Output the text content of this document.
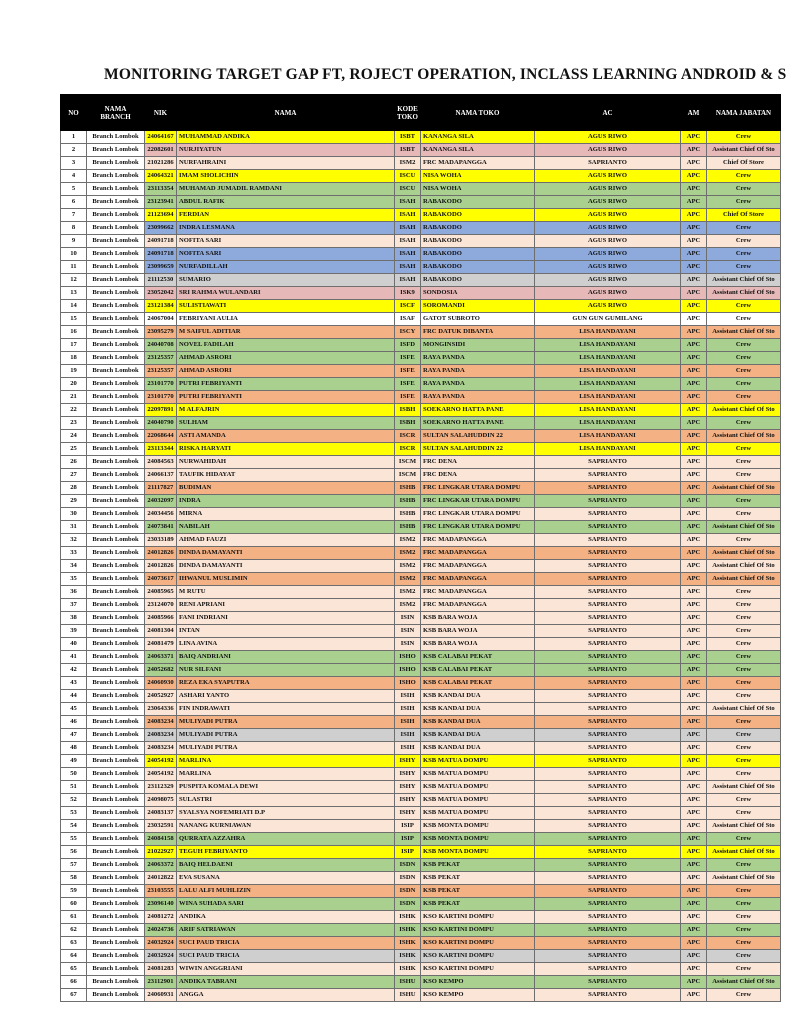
MONITORING TARGET GAP FT, ROJECT OPERATION, INCLASS LEARNING ANDROID & S
NO	NAMA BRANCH	NIK	NAMA	KODE TOKO	NAMA TOKO	AC	AM	NAMA JABATAN
1	Branch Lombok	24064167	MUHAMMAD ANDIKA	ISBT	KANANGA SILA	AGUS RIWO	APC	Crew
2	Branch Lombok	22082601	NURJIYATUN	ISBT	KANANGA SILA	AGUS RIWO	APC	Assistant Chief Of Sto
3	Branch Lombok	21021286	NURFAHRAINI	ISM2	FRC MADAPANGGA	SAPRIANTO	APC	Chief Of Store
4	Branch Lombok	24064321	IMAM SHOLICHIN	ISCU	NISA WOHA	AGUS RIWO	APC	Crew
5	Branch Lombok	23113354	MUHAMAD JUMADIL RAMDANI	ISCU	NISA WOHA	AGUS RIWO	APC	Crew
6	Branch Lombok	23123941	ABDUL RAFIK	ISAH	RABAKODO	AGUS RIWO	APC	Crew
7	Branch Lombok	21123694	FERDIAN	ISAH	RABAKODO	AGUS RIWO	APC	Chief Of Store
8	Branch Lombok	23099662	INDRA LESMANA	ISAH	RABAKODO	AGUS RIWO	APC	Crew
9	Branch Lombok	24091718	NOFITA SARI	ISAH	RABAKODO	AGUS RIWO	APC	Crew
10	Branch Lombok	24091718	NOFITA SARI	ISAH	RABAKODO	AGUS RIWO	APC	Crew
11	Branch Lombok	23099659	NURFADILLAH	ISAH	RABAKODO	AGUS RIWO	APC	Crew
12	Branch Lombok	21112530	SUMARIO	ISAH	RABAKODO	AGUS RIWO	APC	Assistant Chief Of Sto
13	Branch Lombok	23052042	SRI RAHMA WULANDARI	ISK9	SONDOSIA	AGUS RIWO	APC	Assistant Chief Of Sto
14	Branch Lombok	23121384	SULISTIAWATI	ISCF	SOROMANDI	AGUS RIWO	APC	Crew
15	Branch Lombok	24067004	FEBRIYANI AULIA	ISAF	GATOT SUBROTO	GUN GUN GUMILANG	APC	Crew
16	Branch Lombok	23095279	M SAIFUL ADITIAR	ISCY	FRC DATUK DIBANTA	LISA HANDAYANI	APC	Assistant Chief Of Sto
17	Branch Lombok	24040708	NOVEL FADILAH	ISFD	MONGINSIDI	LISA HANDAYANI	APC	Crew
18	Branch Lombok	23125357	AHMAD ASRORI	ISFE	RAYA PANDA	LISA HANDAYANI	APC	Crew
19	Branch Lombok	23125357	AHMAD ASRORI	ISFE	RAYA PANDA	LISA HANDAYANI	APC	Crew
20	Branch Lombok	23101770	PUTRI FEBRIYANTI	ISFE	RAYA PANDA	LISA HANDAYANI	APC	Crew
21	Branch Lombok	23101770	PUTRI FEBRIYANTI	ISFE	RAYA PANDA	LISA HANDAYANI	APC	Crew
22	Branch Lombok	22097891	M ALFAJRIN	ISBH	SOEKARNO HATTA PANE	LISA HANDAYANI	APC	Assistant Chief Of Sto
23	Branch Lombok	24040790	SULHAM	ISBH	SOEKARNO HATTA PANE	LISA HANDAYANI	APC	Crew
24	Branch Lombok	22068644	ASTI AMANDA	ISCR	SULTAN SALAHUDDIN 22	LISA HANDAYANI	APC	Assistant Chief Of Sto
25	Branch Lombok	23113344	RISKA HARYATI	ISCR	SULTAN SALAHUDDIN 22	LISA HANDAYANI	APC	Crew
26	Branch Lombok	24084563	NURWAHIDAH	ISCM	FRC DENA	SAPRIANTO	APC	Crew
27	Branch Lombok	24066137	TAUFIK HIDAYAT	ISCM	FRC DENA	SAPRIANTO	APC	Crew
28	Branch Lombok	21117827	BUDIMAN	ISHB	FRC LINGKAR UTARA DOMPU	SAPRIANTO	APC	Assistant Chief Of Sto
29	Branch Lombok	24032097	INDRA	ISHB	FRC LINGKAR UTARA DOMPU	SAPRIANTO	APC	Crew
30	Branch Lombok	24034456	MIRNA	ISHB	FRC LINGKAR UTARA DOMPU	SAPRIANTO	APC	Crew
31	Branch Lombok	24073841	NABILAH	ISHB	FRC LINGKAR UTARA DOMPU	SAPRIANTO	APC	Assistant Chief Of Sto
32	Branch Lombok	23033189	AHMAD FAUZI	ISM2	FRC MADAPANGGA	SAPRIANTO	APC	Crew
33	Branch Lombok	24012826	DINDA DAMAYANTI	ISM2	FRC MADAPANGGA	SAPRIANTO	APC	Assistant Chief Of Sto
34	Branch Lombok	24012826	DINDA DAMAYANTI	ISM2	FRC MADAPANGGA	SAPRIANTO	APC	Assistant Chief Of Sto
35	Branch Lombok	24073617	IHWANUL MUSLIMIN	ISM2	FRC MADAPANGGA	SAPRIANTO	APC	Assistant Chief Of Sto
36	Branch Lombok	24085965	M RUTU	ISM2	FRC MADAPANGGA	SAPRIANTO	APC	Crew
37	Branch Lombok	23124070	RENI APRIANI	ISM2	FRC MADAPANGGA	SAPRIANTO	APC	Crew
38	Branch Lombok	24085966	FANI INDRIANI	ISIN	KSB BARA WOJA	SAPRIANTO	APC	Crew
39	Branch Lombok	24081304	INTAN	ISIN	KSB BARA WOJA	SAPRIANTO	APC	Crew
40	Branch Lombok	24081479	LINA AVINA	ISIN	KSB BARA WOJA	SAPRIANTO	APC	Crew
41	Branch Lombok	24063371	BAIQ ANDRIANI	ISHO	KSB CALABAI PEKAT	SAPRIANTO	APC	Crew
42	Branch Lombok	24052682	NUR SILFANI	ISHO	KSB CALABAI PEKAT	SAPRIANTO	APC	Crew
43	Branch Lombok	24060930	REZA EKA SYAPUTRA	ISHO	KSB CALABAI PEKAT	SAPRIANTO	APC	Crew
44	Branch Lombok	24052927	ASHARI YANTO	ISIH	KSB KANDAI DUA	SAPRIANTO	APC	Crew
45	Branch Lombok	23064336	FIN INDRAWATI	ISIH	KSB KANDAI DUA	SAPRIANTO	APC	Assistant Chief Of Sto
46	Branch Lombok	24083234	MULIYADI PUTRA	ISIH	KSB KANDAI DUA	SAPRIANTO	APC	Crew
47	Branch Lombok	24083234	MULIYADI PUTRA	ISIH	KSB KANDAI DUA	SAPRIANTO	APC	Crew
48	Branch Lombok	24083234	MULIYADI PUTRA	ISIH	KSB KANDAI DUA	SAPRIANTO	APC	Crew
49	Branch Lombok	24054192	MARLINA	ISHY	KSB MATUA DOMPU	SAPRIANTO	APC	Crew
50	Branch Lombok	24054192	MARLINA	ISHY	KSB MATUA DOMPU	SAPRIANTO	APC	Crew
51	Branch Lombok	23112329	PUSPITA KOMALA DEWI	ISHY	KSB MATUA DOMPU	SAPRIANTO	APC	Assistant Chief Of Sto
52	Branch Lombok	24098075	SULASTRI	ISHY	KSB MATUA DOMPU	SAPRIANTO	APC	Crew
53	Branch Lombok	24083137	SYALSYA NOFEMRIATI D.P	ISHY	KSB MATUA DOMPU	SAPRIANTO	APC	Crew
54	Branch Lombok	23032591	NANANG KURNIAWAN	ISIP	KSB MONTA DOMPU	SAPRIANTO	APC	Assistant Chief Of Sto
55	Branch Lombok	24084158	QURRATA AZZAHRA	ISIP	KSB MONTA DOMPU	SAPRIANTO	APC	Crew
56	Branch Lombok	21022927	TEGUH FEBRIYANTO	ISIP	KSB MONTA DOMPU	SAPRIANTO	APC	Assistant Chief Of Sto
57	Branch Lombok	24063372	BAIQ HELDAENI	ISDN	KSB PEKAT	SAPRIANTO	APC	Crew
58	Branch Lombok	24012822	EVA SUSANA	ISDN	KSB PEKAT	SAPRIANTO	APC	Assistant Chief Of Sto
59	Branch Lombok	23103555	LALU ALFI MUHLIZIN	ISDN	KSB PEKAT	SAPRIANTO	APC	Crew
60	Branch Lombok	23096140	WINA SUHADA SARI	ISDN	KSB PEKAT	SAPRIANTO	APC	Crew
61	Branch Lombok	24081272	ANDIKA	ISHK	KSO KARTINI DOMPU	SAPRIANTO	APC	Crew
62	Branch Lombok	24024736	ARIF SATRIAWAN	ISHK	KSO KARTINI DOMPU	SAPRIANTO	APC	Crew
63	Branch Lombok	24032924	SUCI PAUD TRICIA	ISHK	KSO KARTINI DOMPU	SAPRIANTO	APC	Crew
64	Branch Lombok	24032924	SUCI PAUD TRICIA	ISHK	KSO KARTINI DOMPU	SAPRIANTO	APC	Crew
65	Branch Lombok	24081283	WIWIN ANGGRIANI	ISHK	KSO KARTINI DOMPU	SAPRIANTO	APC	Crew
66	Branch Lombok	23112901	ANDIKA TABRANI	ISHU	KSO KEMPO	SAPRIANTO	APC	Assistant Chief Of Sto
67	Branch Lombok	24060931	ANGGA	ISHU	KSO KEMPO	SAPRIANTO	APC	Crew
